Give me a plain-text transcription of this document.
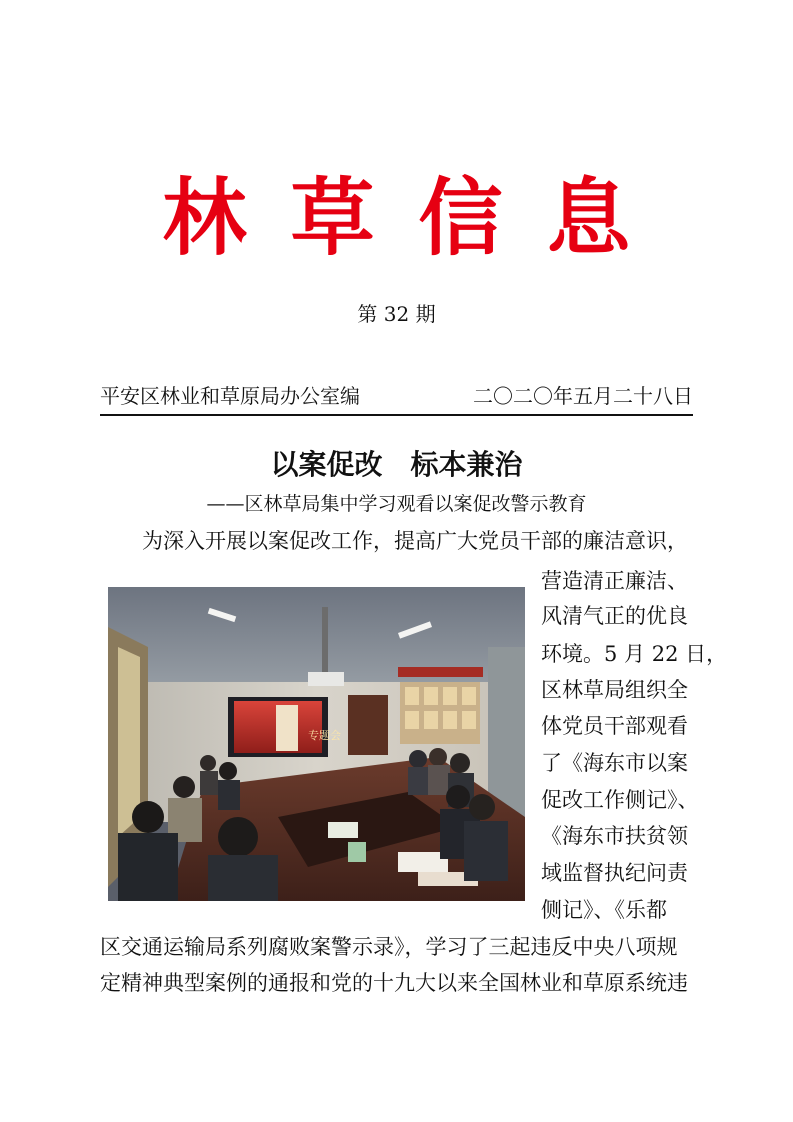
林草信息
第 32 期
平安区林业和草原局办公室编	二〇二〇年五月二十八日
以案促改　标本兼治
——区林草局集中学习观看以案促改警示教育
为深入开展以案促改工作，提高广大党员干部的廉洁意识，
营造清正廉洁、
风清气正的优良
环境。5 月 22 日，
区林草局组织全
体党员干部观看
了《海东市以案
促改工作侧记》、
《海东市扶贫领
域监督执纪问责
侧记》、《乐都
区交通运输局系列腐败案警示录》，学习了三起违反中央八项规
定精神典型案例的通报和党的十九大以来全国林业和草原系统违
专题会
